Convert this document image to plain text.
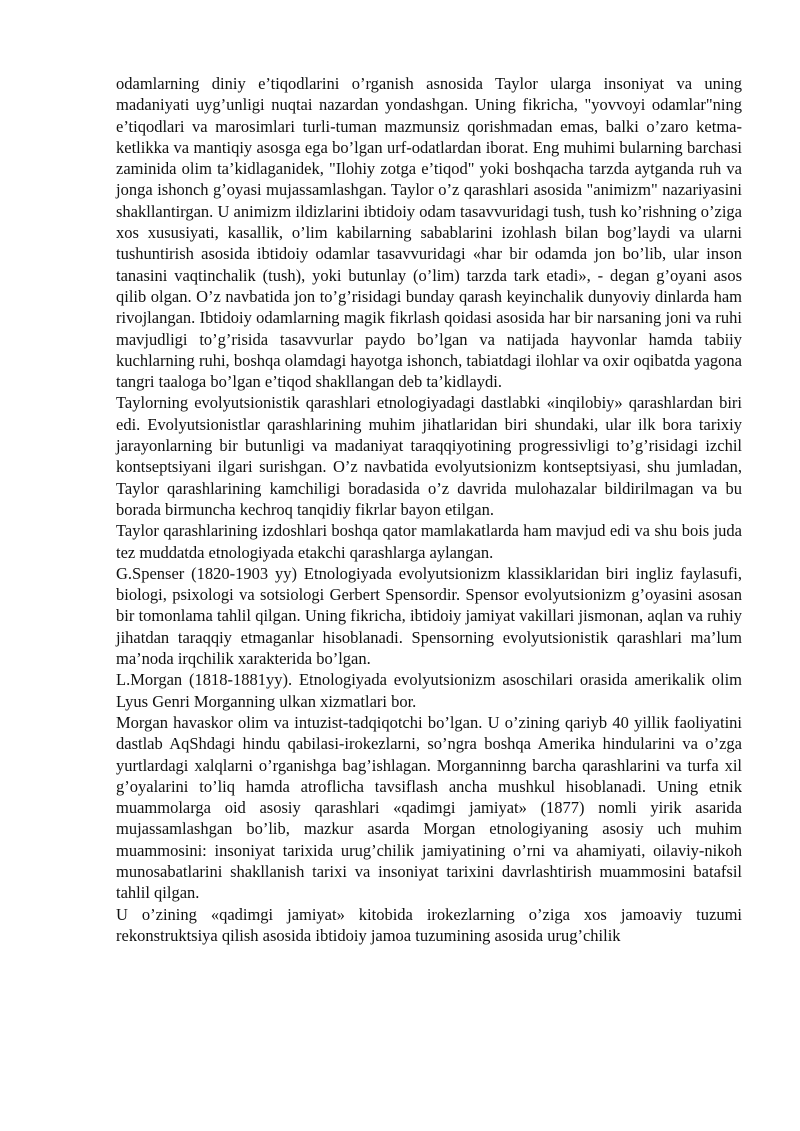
odamlarning diniy e’tiqodlarini o’rganish asnosida Taylor ularga insoniyat va uning madaniyati uyg’unligi nuqtai nazardan yondashgan. Uning fikricha, "yovvoyi odamlar"ning e’tiqodlari va marosimlari turli-tuman mazmunsiz qorishmadan emas, balki o’zaro ketma-ketlikka va mantiqiy asosga ega bo’lgan urf-odatlardan iborat. Eng muhimi bularning barchasi zaminida olim ta’kidlaganidek, "Ilohiy zotga e’tiqod" yoki boshqacha tarzda aytganda ruh va jonga ishonch g’oyasi mujassamlashgan. Taylor o’z qarashlari asosida "animizm" nazariyasini shakllantirgan. U animizm ildizlarini ibtidoiy odam tasavvuridagi tush, tush ko’rishning o’ziga xos xususiyati, kasallik, o’lim kabilarning sabablarini izohlash bilan bog’laydi va ularni tushuntirish asosida ibtidoiy odamlar tasavvuridagi «har bir odamda jon bo’lib, ular inson tanasini vaqtinchalik (tush), yoki butunlay (o’lim) tarzda tark etadi», - degan g’oyani asos qilib olgan. O’z navbatida jon to’g’risidagi bunday qarash keyinchalik dunyoviy dinlarda ham rivojlangan. Ibtidoiy odamlarning magik fikrlash qoidasi asosida har bir narsaning joni va ruhi mavjudligi to’g’risida tasavvurlar paydo bo’lgan va natijada hayvonlar hamda tabiiy kuchlarning ruhi, boshqa olamdagi hayotga ishonch, tabiatdagi ilohlar va oxir oqibatda yagona tangri taaloga bo’lgan e’tiqod shakllangan deb ta’kidlaydi.

Taylorning evolyutsionistik qarashlari etnologiyadagi dastlabki «inqilobiy» qarashlardan biri edi. Evolyutsionistlar qarashlarining muhim jihatlaridan biri shundaki, ular ilk bora tarixiy jarayonlarning bir butunligi va madaniyat taraqqiyotining progressivligi to’g’risidagi izchil kontseptsiyani ilgari surishgan. O’z navbatida evolyutsionizm kontseptsiyasi, shu jumladan, Taylor qarashlarining kamchiligi boradasida o’z davrida mulohazalar bildirilmagan va bu borada birmuncha kechroq tanqidiy fikrlar bayon etilgan.

Taylor qarashlarining izdoshlari boshqa qator mamlakatlarda ham mavjud edi va shu bois juda tez muddatda etnologiyada etakchi qarashlarga aylangan.

G.Spenser (1820-1903 yy) Etnologiyada evolyutsionizm klassiklaridan biri ingliz faylasufi, biologi, psixologi va sotsiologi Gerbert Spensordir. Spensor evolyutsionizm g’oyasini asosan bir tomonlama tahlil qilgan. Uning fikricha, ibtidoiy jamiyat vakillari jismonan, aqlan va ruhiy jihatdan taraqqiy etmaganlar hisoblanadi. Spensorning evolyutsionistik qarashlari ma’lum ma’noda irqchilik xarakterida bo’lgan.

L.Morgan (1818-1881yy). Etnologiyada evolyutsionizm asoschilari orasida amerikalik olim Lyus Genri Morganning ulkan xizmatlari bor.

Morgan havaskor olim va intuzist-tadqiqotchi bo’lgan. U o’zining qariyb 40 yillik faoliyatini dastlab AqShdagi hindu qabilasi-irokezlarni, so’ngra boshqa Amerika hindularini va o’zga yurtlardagi xalqlarni o’rganishga bag’ishlagan. Morganninng barcha qarashlarini va turfa xil g’oyalarini to’liq hamda atroflicha tavsiflash ancha mushkul hisoblanadi. Uning etnik muammolarga oid asosiy qarashlari «qadimgi jamiyat» (1877) nomli yirik asarida mujassamlashgan bo’lib, mazkur asarda Morgan etnologiyaning asosiy uch muhim muammosini: insoniyat tarixida urug’chilik jamiyatining o’rni va ahamiyati, oilaviy-nikoh munosabatlarini shakllanish tarixi va insoniyat tarixini davrlashtirish muammosini batafsil tahlil qilgan.

U o’zining «qadimgi jamiyat» kitobida irokezlarning o’ziga xos jamoaviy tuzumi rekonstruktsiya qilish asosida ibtidoiy jamoa tuzumining asosida urug’chilik
